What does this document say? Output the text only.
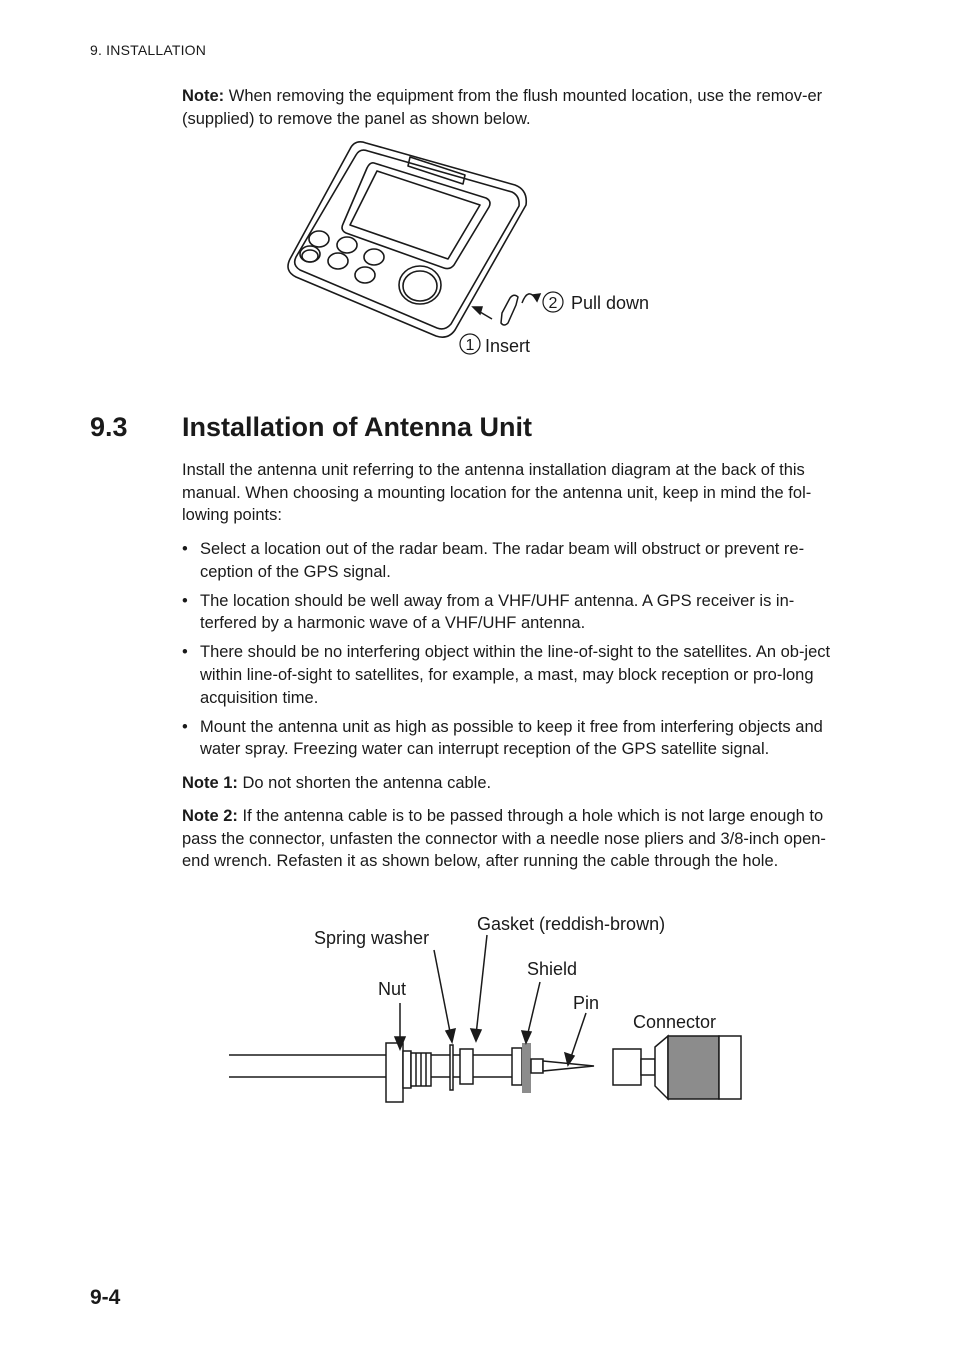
9. INSTALLATION

Note: When removing the equipment from the flush mounted location, use the remov-er (supplied) to remove the panel as shown below.

2 Pull down
1 Insert
9.3 Installation of Antenna Unit

Install the antenna unit referring to the antenna installation diagram at the back of this manual. When choosing a mounting location for the antenna unit, keep in mind the fol-lowing points:

• Select a location out of the radar beam. The radar beam will obstruct or prevent re-ception of the GPS signal.
• The location should be well away from a VHF/UHF antenna. A GPS receiver is in-terfered by a harmonic wave of a VHF/UHF antenna.
• There should be no interfering object within the line-of-sight to the satellites. An ob-ject within line-of-sight to satellites, for example, a mast, may block reception or pro-long acquisition time.
• Mount the antenna unit as high as possible to keep it free from interfering objects and water spray. Freezing water can interrupt reception of the GPS satellite signal.

Note 1: Do not shorten the antenna cable.

Note 2: If the antenna cable is to be passed through a hole which is not large enough to pass the connector, unfasten the connector with a needle nose pliers and 3/8-inch open-end wrench. Refasten it as shown below, after running the cable through the hole.

Spring washer
Gasket (reddish-brown)
Shield
Nut
Pin
Connector
9-4
